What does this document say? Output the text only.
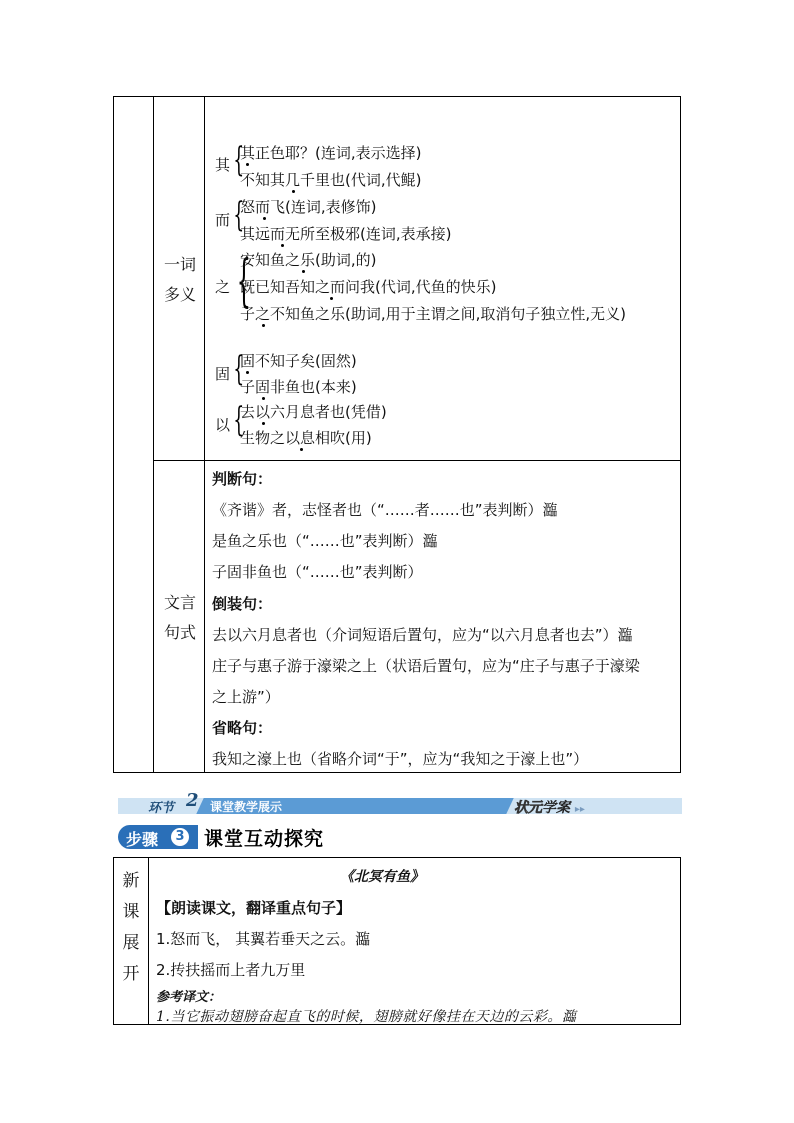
一词
多义
其 {
其正色耶？(连词,表示选择)
不知其几千里也(代词,代鲲)
而 {
怒而飞(连词,表修饰)
其远而无所至极邪(连词,表承接)
之 {
安知鱼之乐(助词,的)
既已知吾知之而问我(代词,代鱼的快乐)
子之不知鱼之乐(助词,用于主谓之间,取消句子独立性,无义)
固 {
固不知子矣(固然)
子固非鱼也(本来)
以 {
去以六月息者也(凭借)
生物之以息相吹(用)
文言
句式
判断句：
《齐谐》者，志怪者也（“……者……也”表判断）瀶
是鱼之乐也（“……也”表判断）瀶
子固非鱼也（“……也”表判断）
倒装句：
去以六月息者也（介词短语后置句，应为“以六月息者也去”）瀶
庄子与惠子游于濠梁之上（状语后置句，应为“庄子与惠子于濠梁
之上游”）
省略句：
我知之濠上也（省略介词“于”，应为“我知之于濠上也”）
环节 2 课堂教学展示	状元学案 ▸▸
步骤	3 课堂互动探究
新
课
展
开
《北冥有鱼》
【朗读课文，翻译重点句子】
1.怒而飞， 其翼若垂天之云。瀶
2.抟扶摇而上者九万里
参考译文：
1.当它振动翅膀奋起直飞的时候，翅膀就好像挂在天边的云彩。瀶
